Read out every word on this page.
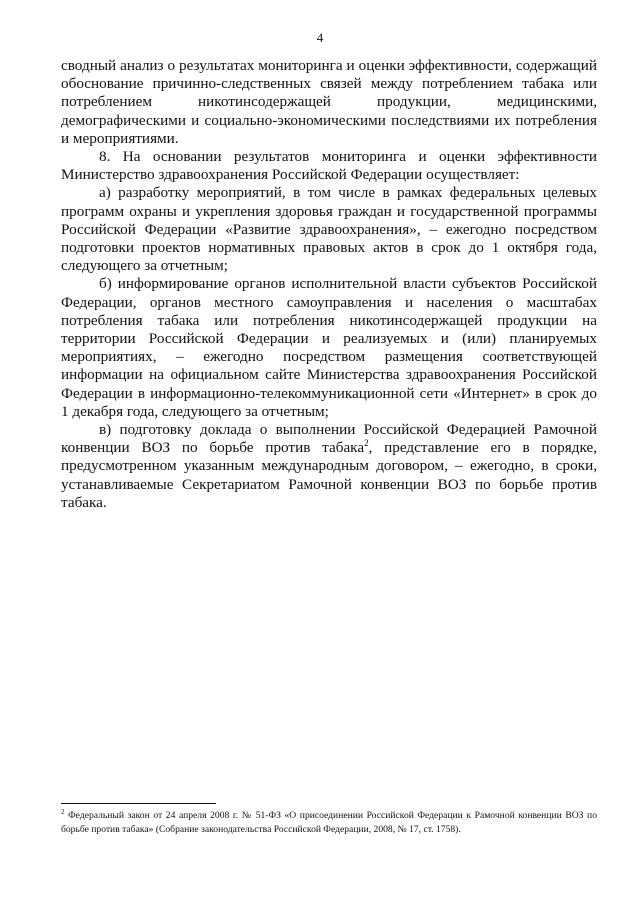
4

сводный анализ о результатах мониторинга и оценки эффективности, содержащий обоснование причинно-следственных связей между потреблением табака или потреблением никотинсодержащей продукции, медицинскими, демографическими и социально-экономическими последствиями их потребления и мероприятиями.

8. На основании результатов мониторинга и оценки эффективности Министерство здравоохранения Российской Федерации осуществляет:

а) разработку мероприятий, в том числе в рамках федеральных целевых программ охраны и укрепления здоровья граждан и государственной программы Российской Федерации «Развитие здравоохранения», – ежегодно посредством подготовки проектов нормативных правовых актов в срок до 1 октября года, следующего за отчетным;

б) информирование органов исполнительной власти субъектов Российской Федерации, органов местного самоуправления и населения о масштабах потребления табака или потребления никотинсодержащей продукции на территории Российской Федерации и реализуемых и (или) планируемых мероприятиях, – ежегодно посредством размещения соответствующей информации на официальном сайте Министерства здравоохранения Российской Федерации в информационно-телекоммуникационной сети «Интернет» в срок до 1 декабря года, следующего за отчетным;

в) подготовку доклада о выполнении Российской Федерацией Рамочной конвенции ВОЗ по борьбе против табака$^2$, представление его в порядке, предусмотренном указанным международным договором, – ежегодно, в сроки, устанавливаемые Секретариатом Рамочной конвенции ВОЗ по борьбе против табака.

$^2$ Федеральный закон от 24 апреля 2008 г. № 51-ФЗ «О присоединении Российской Федерации к Рамочной конвенции ВОЗ по борьбе против табака» (Собрание законодательства Российской Федерации, 2008, № 17, ст. 1758).
